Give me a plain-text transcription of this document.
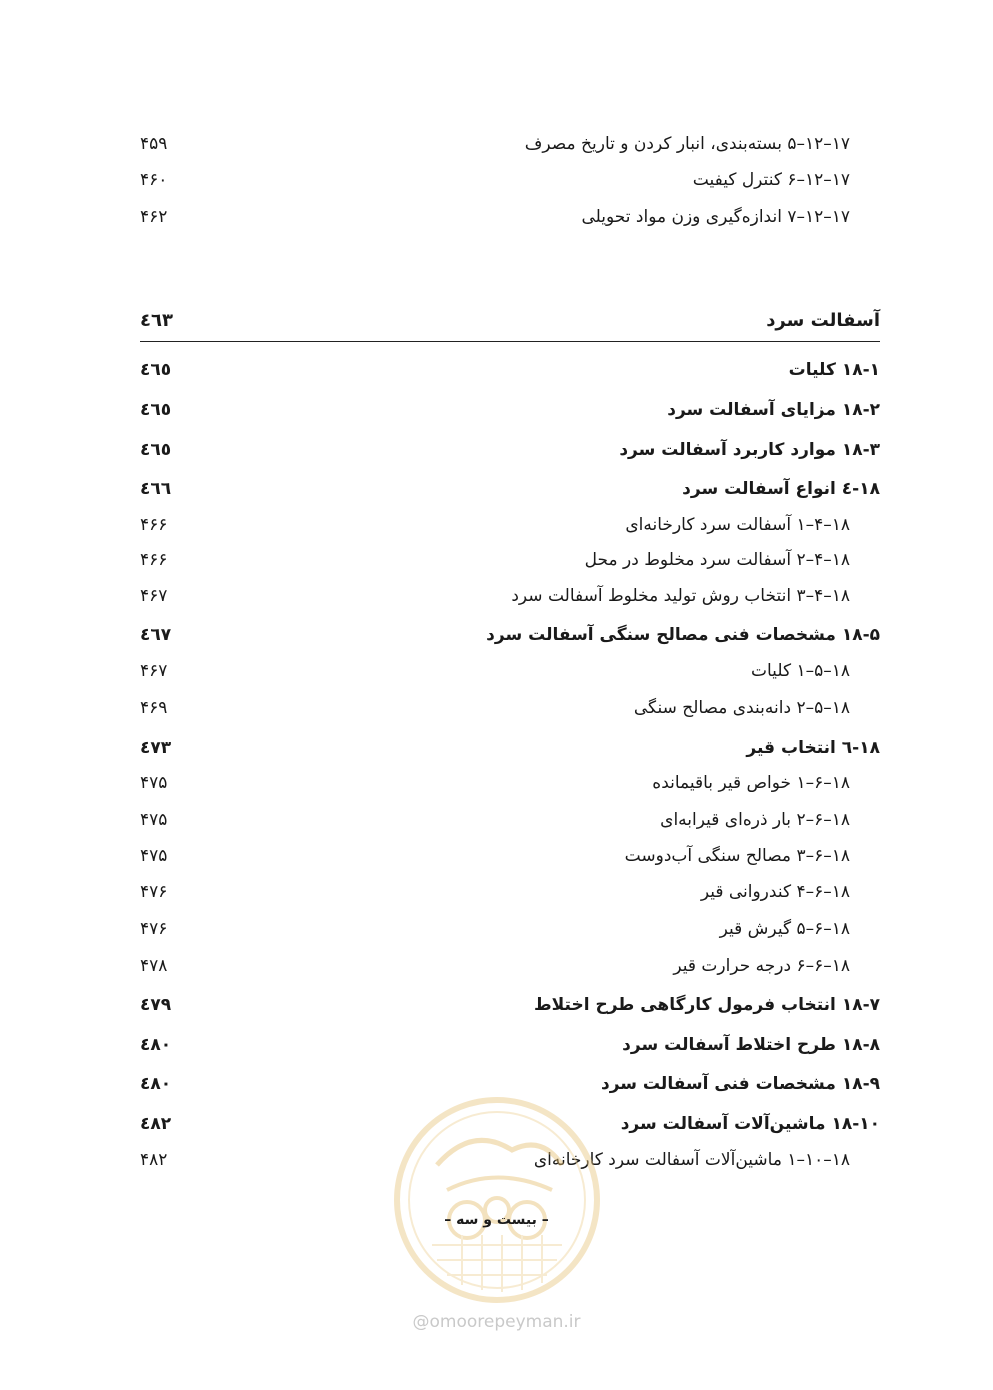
۱۷–۱۲–۵ بسته‌بندی، انبار کردن و تاریخ مصرف
۴۵۹
۱۷–۱۲–۶ کنترل کیفیت
۴۶۰
۱۷–۱۲–۷ اندازه‌گیری وزن مواد تحویلی
۴۶۲
آسفالت سرد
٤٦٣
۱۸-۱ کلیات
٤٦٥
۱۸-۲ مزایای آسفالت سرد
٤٦٥
۱۸-۳ موارد کاربرد آسفالت سرد
٤٦٥
۱۸-٤ انواع آسفالت سرد
٤٦٦
۱۸–۴–۱ آسفالت سرد کارخانه‌ای
۴۶۶
۱۸–۴–۲ آسفالت سرد مخلوط در محل
۴۶۶
۱۸–۴–۳ انتخاب روش تولید مخلوط آسفالت سرد
۴۶۷
۱۸-۵ مشخصات فنی مصالح سنگی آسفالت سرد
٤٦٧
۱۸–۵–۱ کلیات
۴۶۷
۱۸–۵–۲ دانه‌بندی مصالح سنگی
۴۶۹
۱۸-٦ انتخاب قیر
٤٧٣
۱۸–۶–۱ خواص قیر باقیمانده
۴۷۵
۱۸–۶–۲ بار ذره‌ای قیرابه‌ای
۴۷۵
۱۸–۶–۳ مصالح سنگی آب‌دوست
۴۷۵
۱۸–۶–۴ کندروانی قیر
۴۷۶
۱۸–۶–۵ گیرش قیر
۴۷۶
۱۸–۶–۶ درجه حرارت قیر
۴۷۸
۱۸-۷ انتخاب فرمول کارگاهی طرح اختلاط
٤٧٩
۱۸-۸ طرح اختلاط آسفالت سرد
٤٨٠
۱۸-۹ مشخصات فنی آسفالت سرد
٤٨٠
۱۸-۱۰ ماشین‌آلات آسفالت سرد
٤٨٢
۱۸–۱۰–۱ ماشین‌آلات آسفالت سرد کارخانه‌ای
۴۸۲
– بیست و سه –
@omoorepeyman.ir
